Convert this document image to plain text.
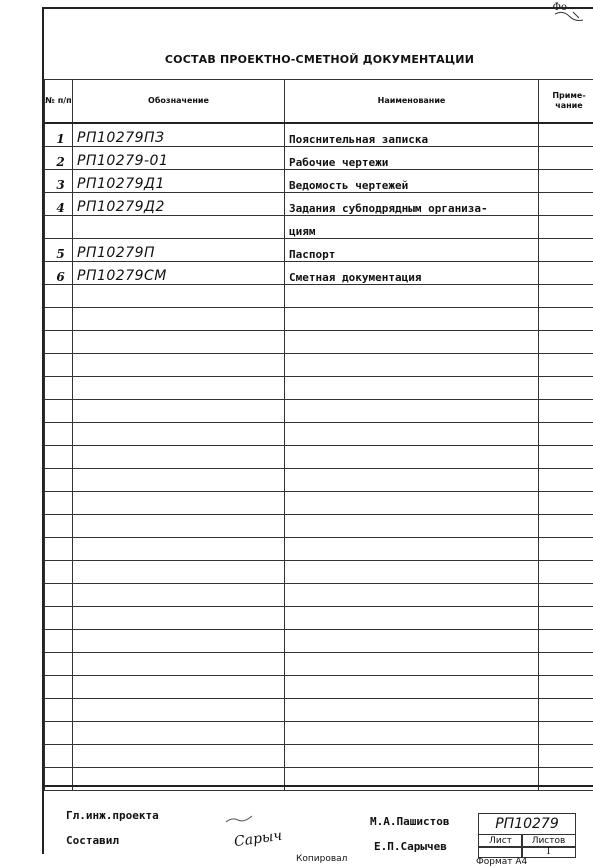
Фо
СОСТАВ ПРОЕКТНО-СМЕТНОЙ ДОКУМЕНТАЦИИ
№ п/п	Обозначение	Наименование	Приме-чание
1	РП10279ПЗ	Пояснительная записка	
2	РП10279-01	Рабочие чертежи	
3	РП10279Д1	Ведомость чертежей	
4	РП10279Д2	Задания субподрядным организа-	
		циям	
5	РП10279П	Паспорт	
6	РП10279СМ	Сметная документация	

Гл.инж.проекта	М.А.Пашистов	РП10279
Составил	Сарыч	Е.П.Сарычев	Лист	Листов
I
Копировал	Формат А4
